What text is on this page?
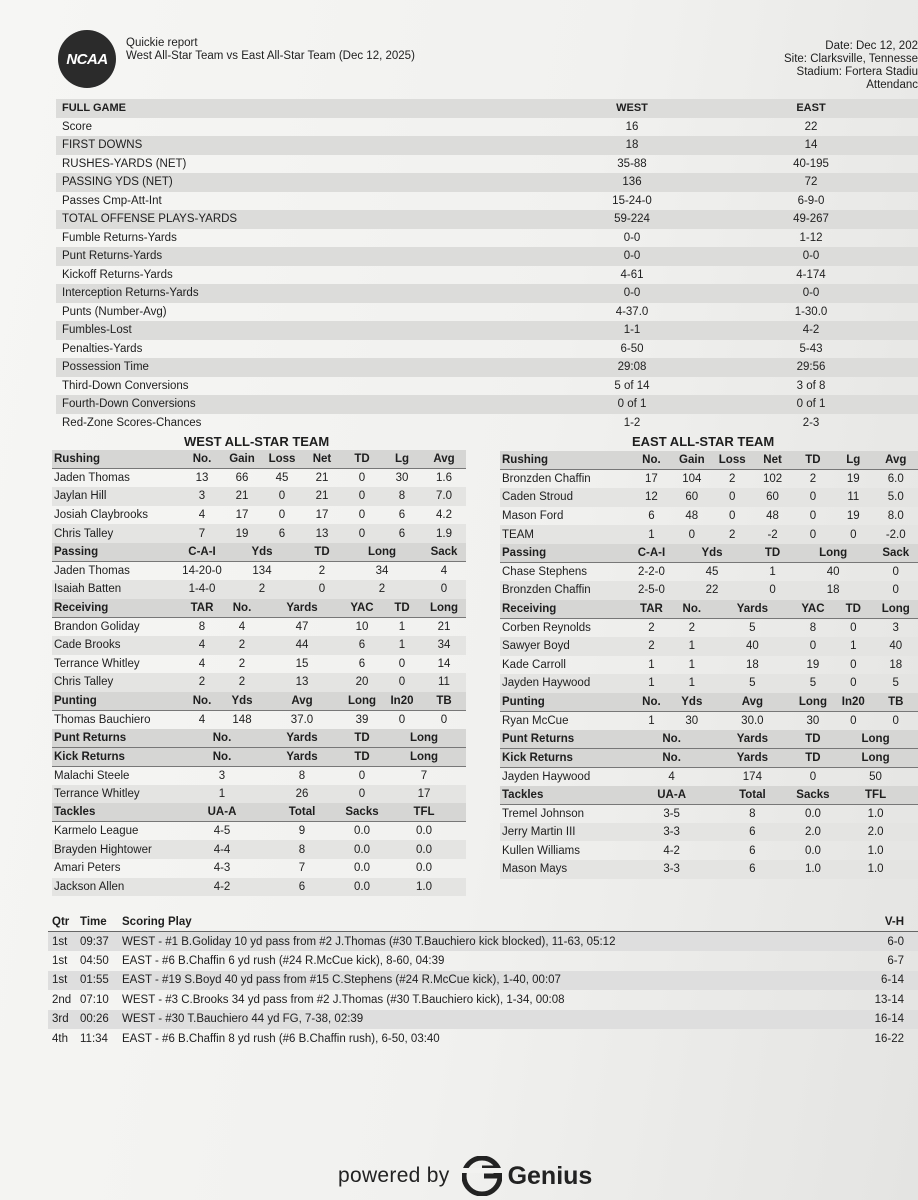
NCAA
Quickie report
West All-Star Team vs East All-Star Team (Dec 12, 2025)
Date: Dec 12, 202
Site: Clarksville, Tennesse
Stadium: Fortera Stadiu
Attendanc
FULL GAME	WEST	EAST
Score	16	22
FIRST DOWNS	18	14
RUSHES-YARDS (NET)	35-88	40-195
PASSING YDS (NET)	136	72
Passes Cmp-Att-Int	15-24-0	6-9-0
TOTAL OFFENSE PLAYS-YARDS	59-224	49-267
Fumble Returns-Yards	0-0	1-12
Punt Returns-Yards	0-0	0-0
Kickoff Returns-Yards	4-61	4-174
Interception Returns-Yards	0-0	0-0
Punts (Number-Avg)	4-37.0	1-30.0
Fumbles-Lost	1-1	4-2
Penalties-Yards	6-50	5-43
Possession Time	29:08	29:56
Third-Down Conversions	5 of 14	3 of 8
Fourth-Down Conversions	0 of 1	0 of 1
Red-Zone Scores-Chances	1-2	2-3
WEST ALL-STAR TEAM	EAST ALL-STAR TEAM
Rushing	No.	Gain	Loss	Net	TD	Lg	Avg
Jaden Thomas	13	66	45	21	0	30	1.6
Jaylan Hill	3	21	0	21	0	8	7.0
Josiah Claybrooks	4	17	0	17	0	6	4.2
Chris Talley	7	19	6	13	0	6	1.9
Passing	C-A-I	Yds		TD	Long		Sack
Jaden Thomas	14-20-0	134		2	34		4
Isaiah Batten	1-4-0	2		0	2		0
Receiving	TAR	No.	Yards		YAC	TD	Long
Brandon Goliday	8	4	47		10	1	21
Cade Brooks	4	2	44		6	1	34
Terrance Whitley	4	2	15		6	0	14
Chris Talley	2	2	13		20	0	11
Punting	No.	Yds	Avg		Long	In20	TB
Thomas Bauchiero	4	148	37.0		39	0	0
Punt Returns	No.		Yards		TD	Long	
Kick Returns	No.		Yards		TD	Long	
Malachi Steele	3		8		0	7	
Terrance Whitley	1		26		0	17	
Tackles	UA-A		Total		Sacks	TFL	
Karmelo League	4-5		9		0.0	0.0	
Brayden Hightower	4-4		8		0.0	0.0	
Amari Peters	4-3		7		0.0	0.0	
Jackson Allen	4-2		6		0.0	1.0	
Rushing	No.	Gain	Loss	Net	TD	Lg	Avg
Bronzden Chaffin	17	104	2	102	2	19	6.0
Caden Stroud	12	60	0	60	0	11	5.0
Mason Ford	6	48	0	48	0	19	8.0
TEAM	1	0	2	-2	0	0	-2.0
Passing	C-A-I	Yds		TD	Long		Sack
Chase Stephens	2-2-0	45		1	40		0
Bronzden Chaffin	2-5-0	22		0	18		0
Receiving	TAR	No.	Yards		YAC	TD	Long
Corben Reynolds	2	2	5		8	0	3
Sawyer Boyd	2	1	40		0	1	40
Kade Carroll	1	1	18		19	0	18
Jayden Haywood	1	1	5		5	0	5
Punting	No.	Yds	Avg		Long	In20	TB
Ryan McCue	1	30	30.0		30	0	0
Punt Returns	No.		Yards		TD	Long	
Kick Returns	No.		Yards		TD	Long	
Jayden Haywood	4		174		0	50	
Tackles	UA-A		Total		Sacks	TFL	
Tremel Johnson	3-5		8		0.0	1.0	
Jerry Martin III	3-3		6		2.0	2.0	
Kullen Williams	4-2		6		0.0	1.0	
Mason Mays	3-3		6		1.0	1.0	
Qtr	Time	Scoring Play	V-H
1st	09:37	WEST - #1 B.Goliday 10 yd pass from #2 J.Thomas (#30 T.Bauchiero kick blocked), 11-63, 05:12	6-0
1st	04:50	EAST - #6 B.Chaffin 6 yd rush (#24 R.McCue kick), 8-60, 04:39	6-7
1st	01:55	EAST - #19 S.Boyd 40 yd pass from #15 C.Stephens (#24 R.McCue kick), 1-40, 00:07	6-14
2nd	07:10	WEST - #3 C.Brooks 34 yd pass from #2 J.Thomas (#30 T.Bauchiero kick), 1-34, 00:08	13-14
3rd	00:26	WEST - #30 T.Bauchiero 44 yd FG, 7-38, 02:39	16-14
4th	11:34	EAST - #6 B.Chaffin 8 yd rush (#6 B.Chaffin rush), 6-50, 03:40	16-22
powered by Genius
